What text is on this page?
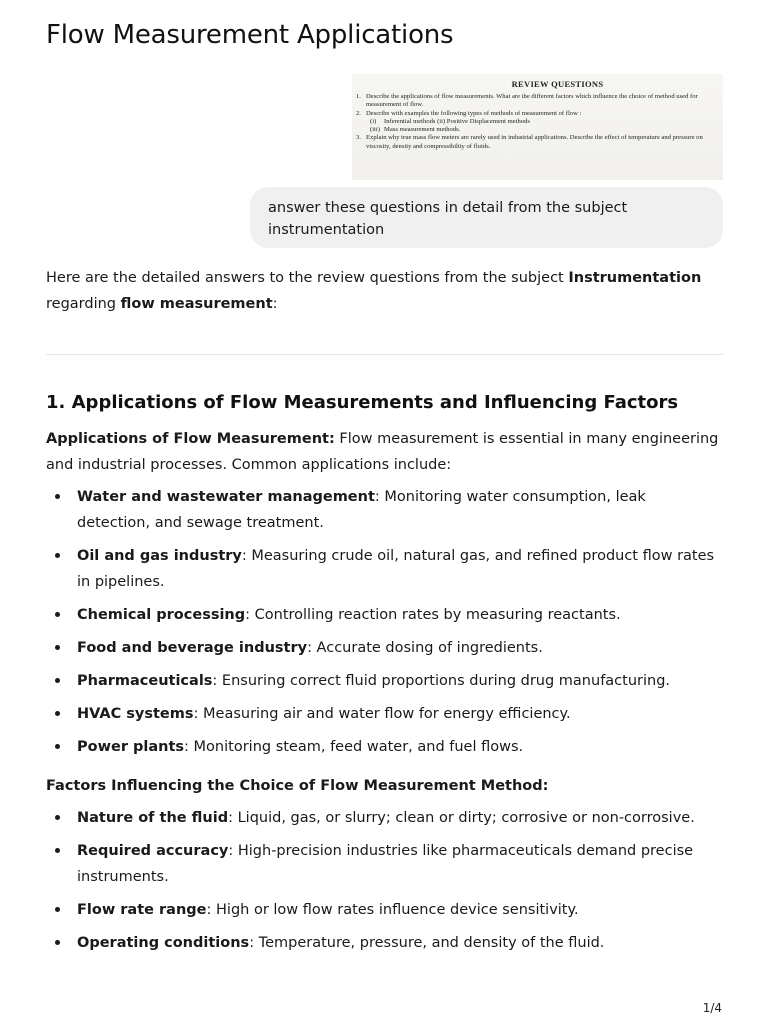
Flow Measurement Applications
REVIEW QUESTIONS
1. Describe the applications of flow measurements. What are the different factors which influence the choice of method used for measurement of flow.
2. Describe with examples the following types of methods of measurement of flow :
(i)	Inferential methods (ii) Positive Displacement methods
(iii) Mass measurement methods.
3. Explain why true mass flow meters are rarely used in industrial applications. Describe the effect of temperature and pressure on viscosity, density and compressibility of fluids.
answer these questions in detail from the subject instrumentation

Here are the detailed answers to the review questions from the subject Instrumentation regarding flow measurement:

1. Applications of Flow Measurements and Influencing Factors

Applications of Flow Measurement: Flow measurement is essential in many engineering and industrial processes. Common applications include:

Water and wastewater management: Monitoring water consumption, leak detection, and sewage treatment.
Oil and gas industry: Measuring crude oil, natural gas, and refined product flow rates in pipelines.
Chemical processing: Controlling reaction rates by measuring reactants.
Food and beverage industry: Accurate dosing of ingredients.
Pharmaceuticals: Ensuring correct fluid proportions during drug manufacturing.
HVAC systems: Measuring air and water flow for energy efficiency.
Power plants: Monitoring steam, feed water, and fuel flows.

Factors Influencing the Choice of Flow Measurement Method:

Nature of the fluid: Liquid, gas, or slurry; clean or dirty; corrosive or non-corrosive.
Required accuracy: High-precision industries like pharmaceuticals demand precise instruments.
Flow rate range: High or low flow rates influence device sensitivity.
Operating conditions: Temperature, pressure, and density of the fluid.
1/4
